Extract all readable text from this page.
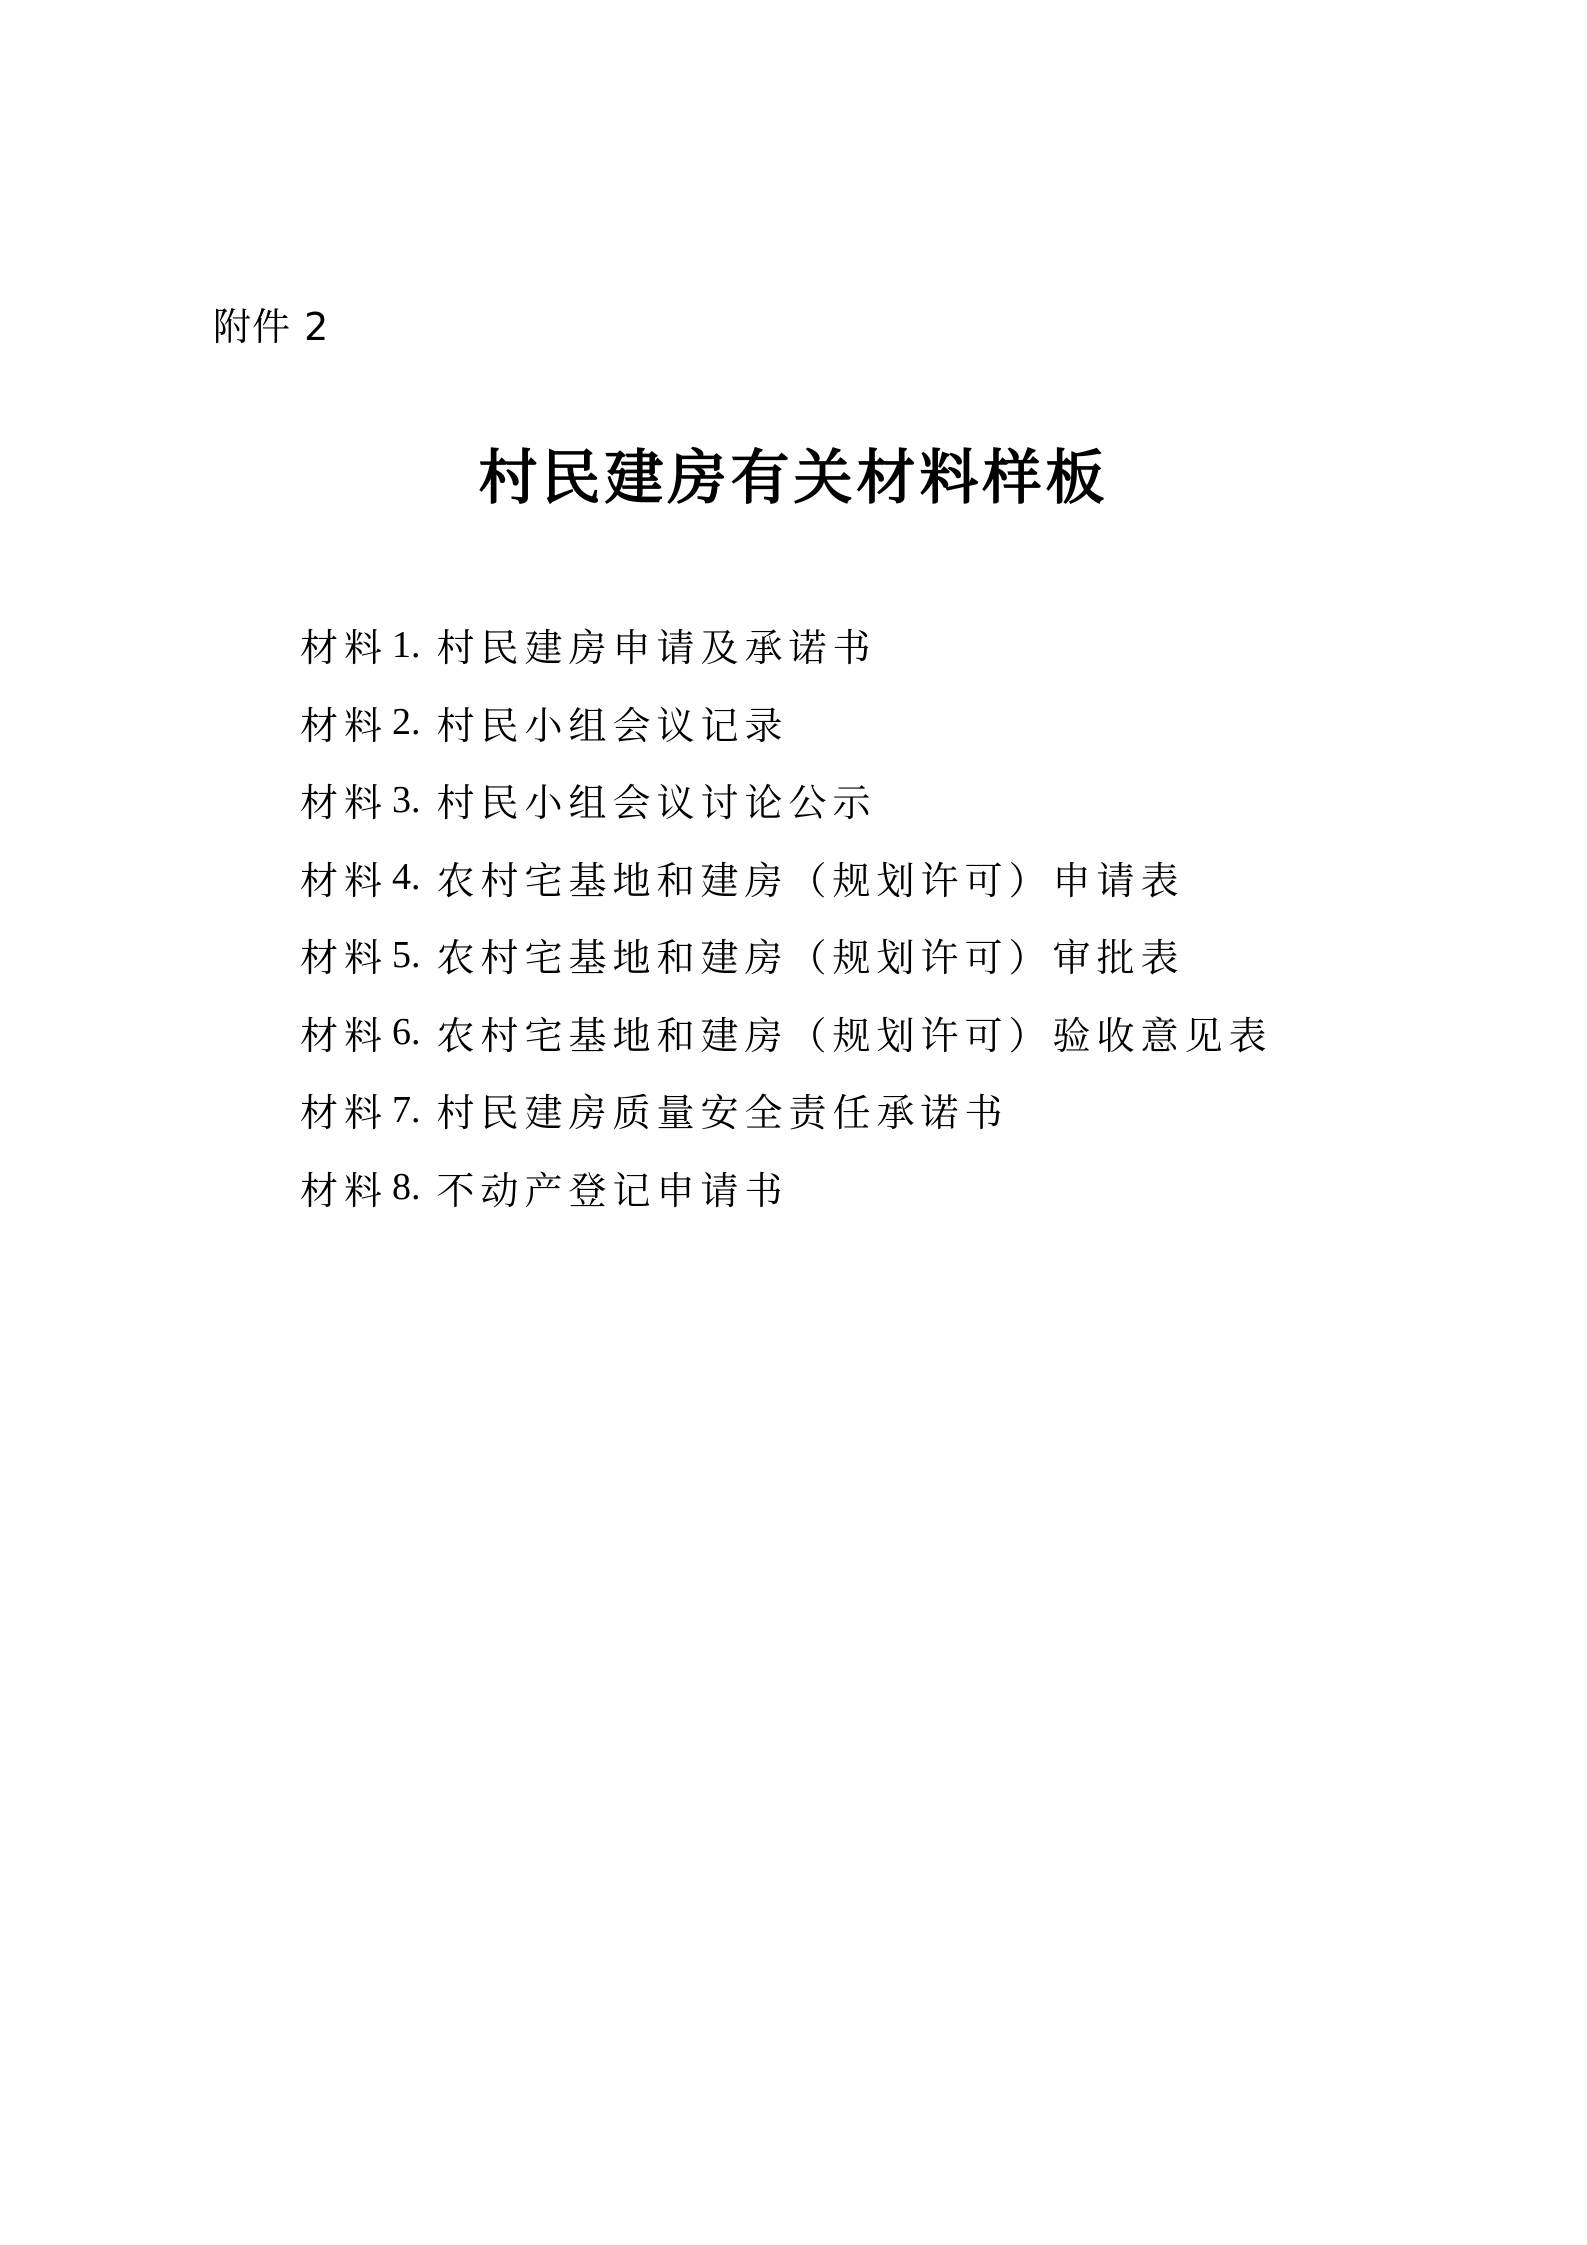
附件 2
村民建房有关材料样板
材料 1. 村民建房申请及承诺书
材料 2. 村民小组会议记录
材料 3. 村民小组会议讨论公示
材料 4. 农村宅基地和建房（规划许可）申请表
材料 5. 农村宅基地和建房（规划许可）审批表
材料 6. 农村宅基地和建房（规划许可）验收意见表
材料 7. 村民建房质量安全责任承诺书
材料 8. 不动产登记申请书
